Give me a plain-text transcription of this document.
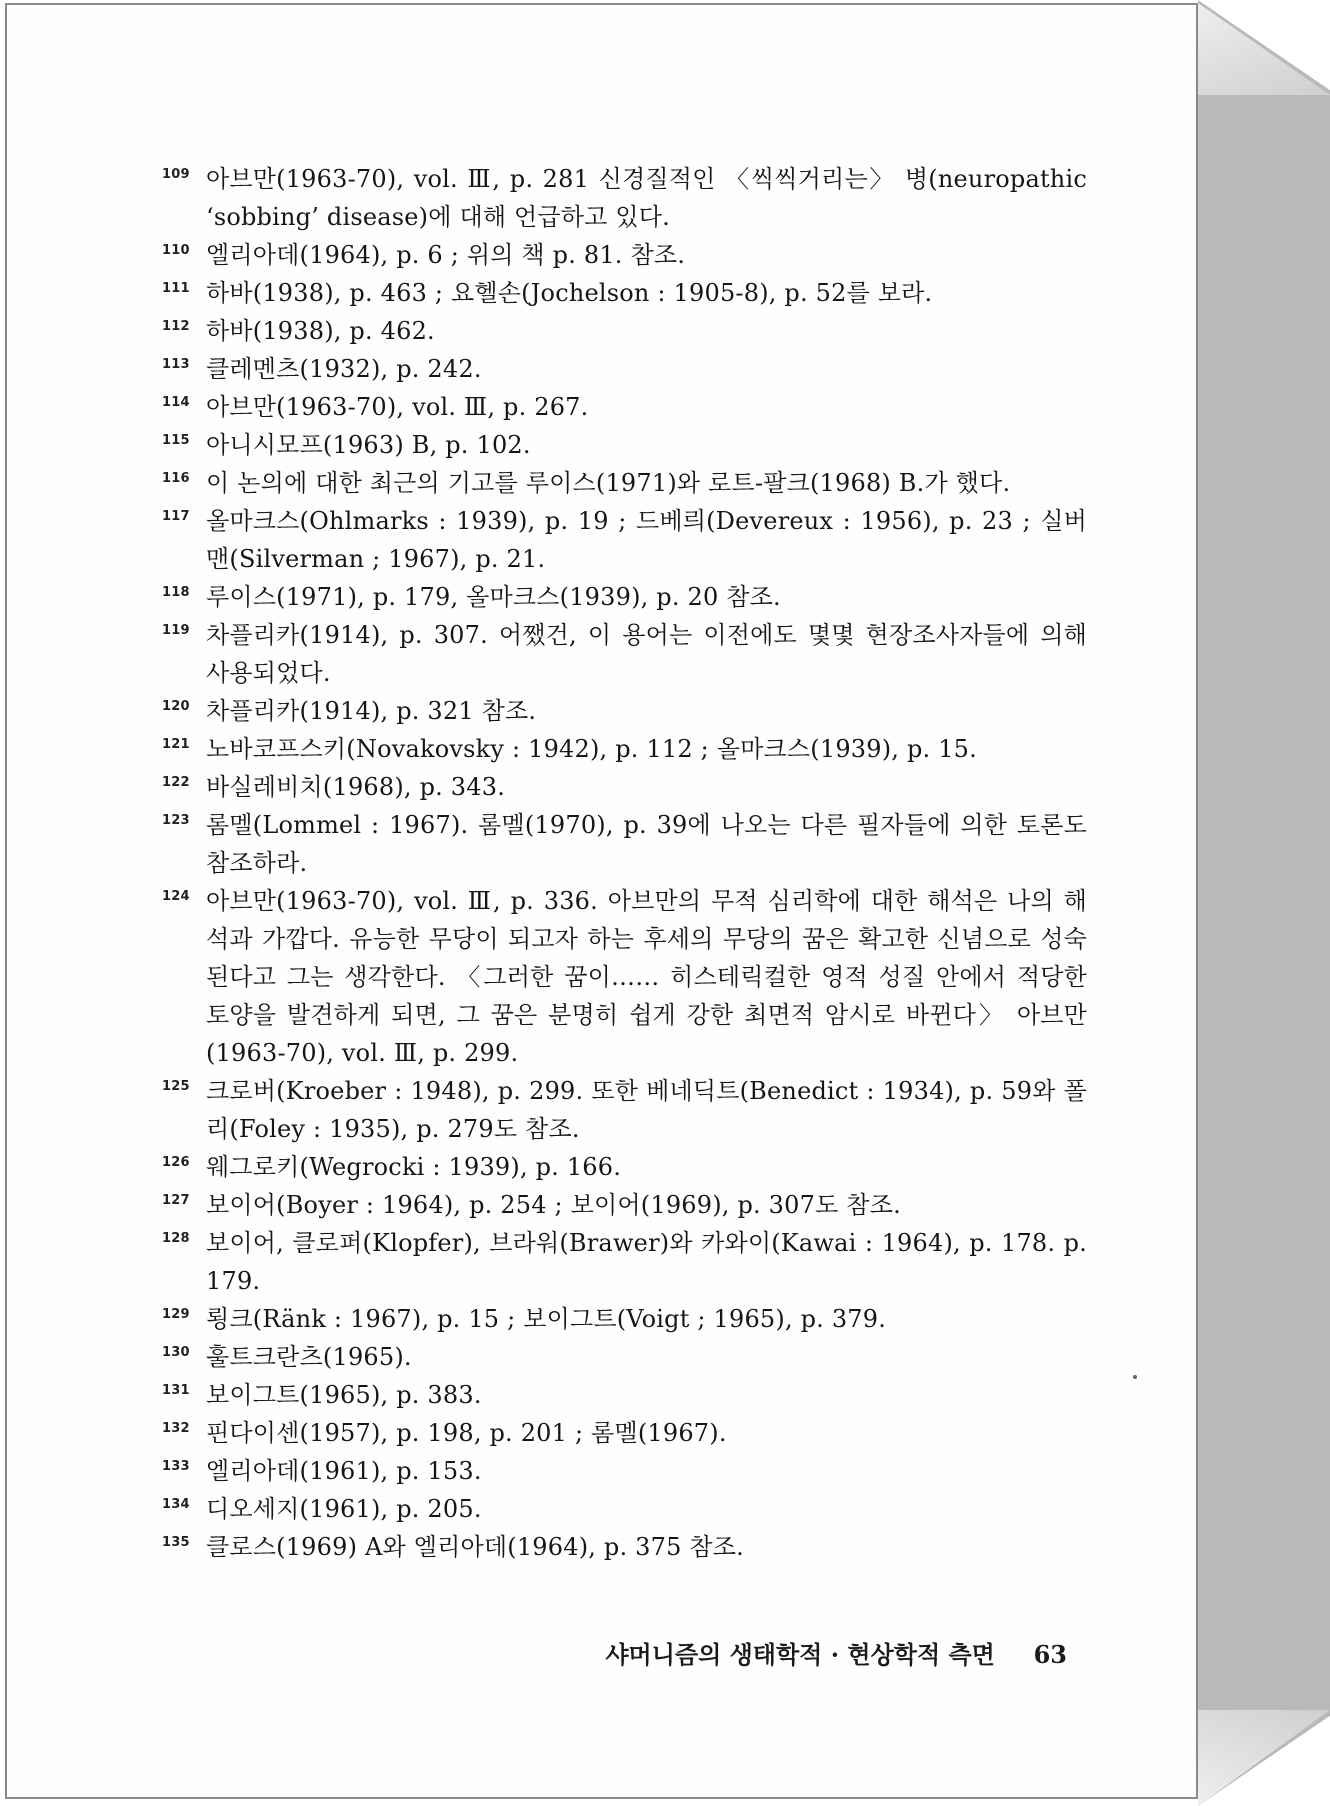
109 아브만(1963-70), vol. Ⅲ, p. 281 신경질적인 〈씩씩거리는〉 병(neuropathic ‘sobbing’ disease)에 대해 언급하고 있다.
110 엘리아데(1964), p. 6 ; 위의 책 p. 81. 참조.
111 하바(1938), p. 463 ; 요헬손(Jochelson : 1905-8), p. 52를 보라.
112 하바(1938), p. 462.
113 클레멘츠(1932), p. 242.
114 아브만(1963-70), vol. Ⅲ, p. 267.
115 아니시모프(1963) B, p. 102.
116 이 논의에 대한 최근의 기고를 루이스(1971)와 로트-팔크(1968) B.가 했다.
117 올마크스(Ohlmarks : 1939), p. 19 ; 드베릐(Devereux : 1956), p. 23 ; 실버맨(Silverman ; 1967), p. 21.
118 루이스(1971), p. 179, 올마크스(1939), p. 20 참조.
119 차플리카(1914), p. 307. 어쨌건, 이 용어는 이전에도 몇몇 현장조사자들에 의해 사용되었다.
120 차플리카(1914), p. 321 참조.
121 노바코프스키(Novakovsky : 1942), p. 112 ; 올마크스(1939), p. 15.
122 바실레비치(1968), p. 343.
123 롬멜(Lommel : 1967). 롬멜(1970), p. 39에 나오는 다른 필자들에 의한 토론도 참조하라.
124 아브만(1963-70), vol. Ⅲ, p. 336. 아브만의 무적 심리학에 대한 해석은 나의 해석과 가깝다. 유능한 무당이 되고자 하는 후세의 무당의 꿈은 확고한 신념으로 성숙된다고 그는 생각한다. 〈그러한 꿈이…… 히스테릭컬한 영적 성질 안에서 적당한 토양을 발견하게 되면, 그 꿈은 분명히 쉽게 강한 최면적 암시로 바뀐다〉 아브만(1963-70), vol. Ⅲ, p. 299.
125 크로버(Kroeber : 1948), p. 299. 또한 베네딕트(Benedict : 1934), p. 59와 폴리(Foley : 1935), p. 279도 참조.
126 웨그로키(Wegrocki : 1939), p. 166.
127 보이어(Boyer : 1964), p. 254 ; 보이어(1969), p. 307도 참조.
128 보이어, 클로퍼(Klopfer), 브라워(Brawer)와 카와이(Kawai : 1964), p. 178. p. 179.
129 룅크(Ränk : 1967), p. 15 ; 보이그트(Voigt ; 1965), p. 379.
130 훌트크란츠(1965).
131 보이그트(1965), p. 383.
132 핀다이센(1957), p. 198, p. 201 ; 롬멜(1967).
133 엘리아데(1961), p. 153.
134 디오세지(1961), p. 205.
135 클로스(1969) A와 엘리아데(1964), p. 375 참조.
샤머니즘의 생태학적 · 현상학적 측면 63
